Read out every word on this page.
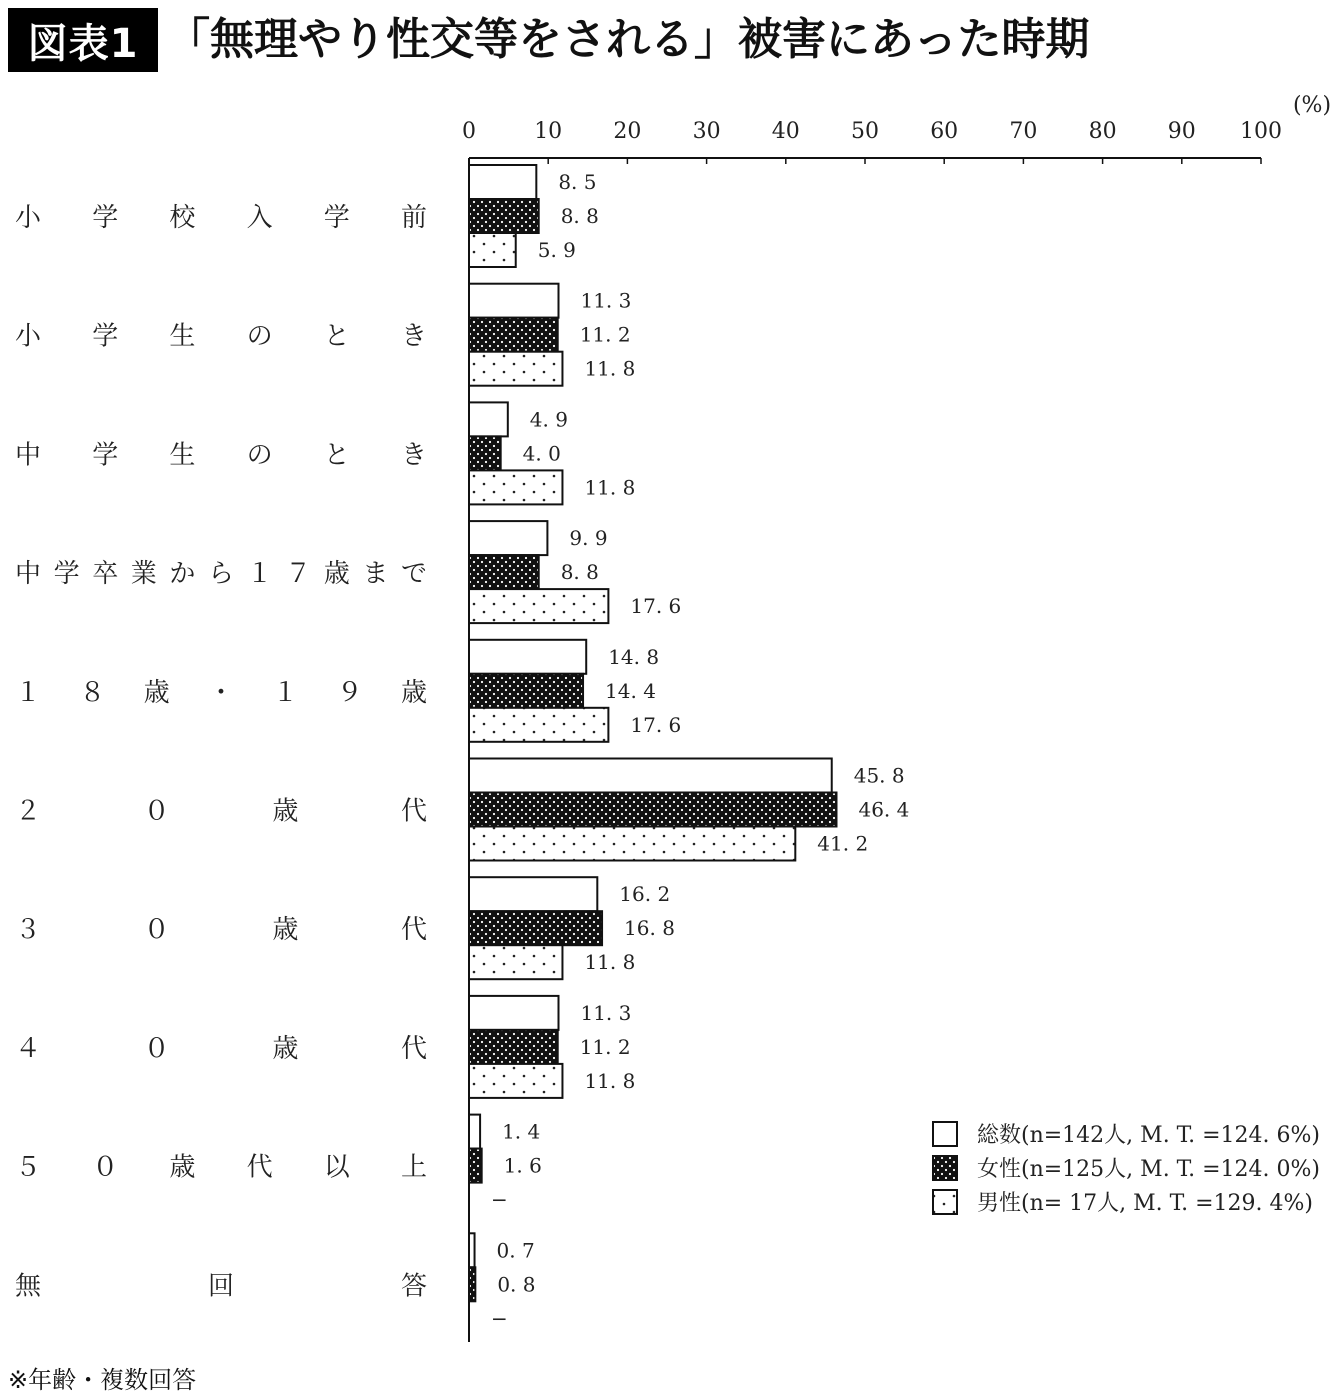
図表1 「無理やり性交等をされる」被害にあった時期
0	10 20 30 40 50 60 70 80 90 100
(%)
小 学 校 入 学 前
小 学 生 の と き
中 学 生 の と き
中 学 卒 業 か ら １ ７ 歳 ま で
１ ８ 歳 ・ １ ９ 歳
２	０	歳	代
３	０	歳	代
４	０	歳	代
５ ０ 歳 代 以 上
無	回	答
8. 5
8. 8
5. 9
11. 3
11. 2
11. 8
4. 9
4. 0
11. 8
9. 9
8. 8
17. 6
14. 8
14. 4
17. 6
45. 8
46. 4
41. 2
16. 2
16. 8
11. 8
11. 3
11. 2
11. 8
1. 4
1. 6
−
0. 7
0. 8
−
総数(n=142人, M. T. =124. 6%)
女性(n=125人, M. T. =124. 0%)
男性(n= 17人, M. T. =129. 4%)
※年齢・複数回答
